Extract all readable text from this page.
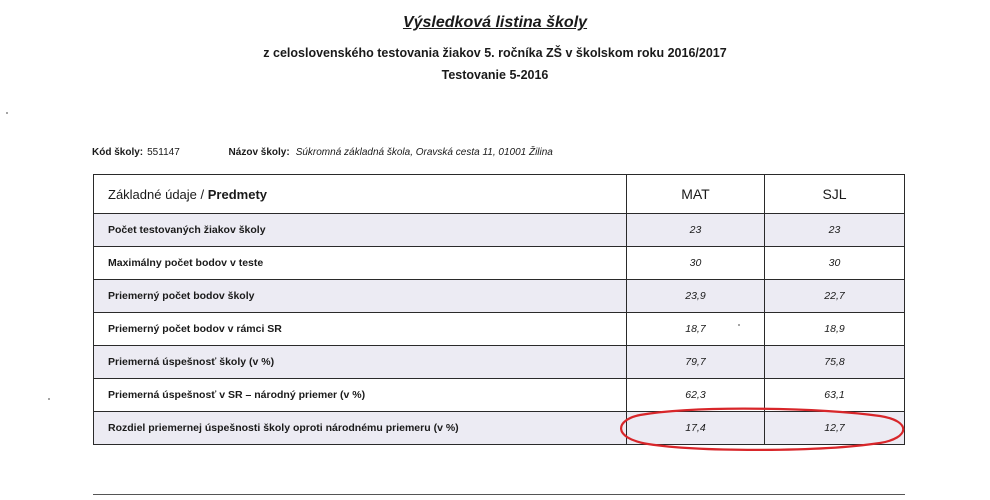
Výsledková listina školy
z celoslovenského testovania žiakov 5. ročníka ZŠ v školskom roku 2016/2017
Testovanie 5-2016
Kód školy: 551147	Názov školy: Súkromná základná škola, Oravská cesta 11, 01001 Žilina
Základné údaje / Predmety	MAT	SJL
Počet testovaných žiakov školy	23	23
Maximálny počet bodov v teste	30	30
Priemerný počet bodov školy	23,9	22,7
Priemerný počet bodov v rámci SR	18,7	18,9
Priemerná úspešnosť školy (v %)	79,7	75,8
Priemerná úspešnosť v SR – národný priemer (v %)	62,3	63,1
Rozdiel priemernej úspešnosti školy oproti národnému priemeru (v %)	17,4	12,7
